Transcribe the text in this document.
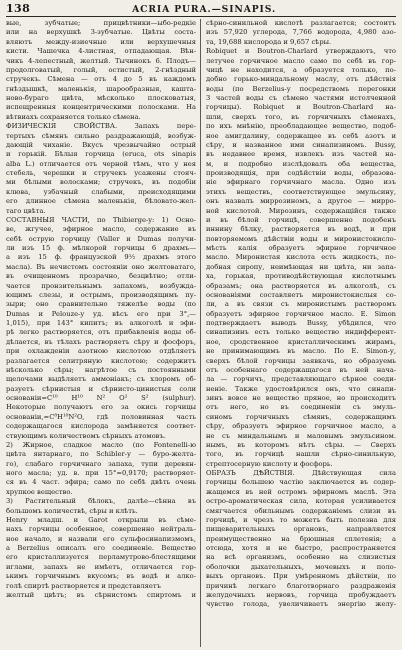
138	ACRIA PURA.—SINAPIS.
вые, зубчатые; прицвѣтники—ыбо-редкіе
или на верхушкѣ 3-зубчатые. Цвѣты соста-
вляютъ между-изиечные или верхушечныя
кисти. Чашечка 4-листная, отпадающая. Вѣн-
чикъ 4-лепестный, желтый. Тычинокъ 6. Плодъ—
продолговатый, голый, остистый, 2-гнѣздный
стручекъ. Сѣмена — отъ 4 до 5 въ каждомъ
гнѣздышкѣ, маленькія, шарообразныя, кашта-
ново-бураго цвѣта, мѣсколько плосковатыя,
испещренныя концентрическими полосками. На
вѣтвиахъ сохраняется только сѣмена.
ФИЗИЧЕСКІЯ СВОЙСТВА. Запахъ пере-
тертыхъ сѣмянъ сильно раздражающій, возбуж-
дающій чиханіе. Вкусъ чрезвычайно острый
и горькій. Бѣлыя горчица (eruca, ots sinapis
alba L.) отличается отъ черной тѣмъ, что у нея
стебель, черешки и стручекъ усажены стояч-
ми бѣлыми волосками; стручекъ, въ подобіи
клюва, узбачный слабыми, преисходящими
его длинное сѣмена маленькія, бѣловато-жел-
таго цвѣта.
СОСТАВНЫЯ ЧАСТИ, по Thibierge-y: 1) Осно-
ве, жгучее, эфирное масло, содержание въ
себѣ острую горчицу (Valler и Dumas получи-
ли изъ 15 ф. мѣлкорой горчицы 6 драхмъ—
а изъ 15 ф. французской 9½ драхмъ этого
масла). Въ нечистомъ состояніи оно желтоватаго,
въ очищенномъ прозрачно, безцвѣтно; отли-
чается пронзительнымъ запахомъ, возбужда-
ющимъ слезы, и острымъ, производящимъ пу-
зыри; оно сравнительно тяжелѣе воды (по
Dumas и Pelouze-y уд. вѣсъ его при 3°,—
1,015), при 143° кипитъ; въ алкоголѣ и эфи-
рѣ легко растворяется, отъ прибавленія воды об-
дѣлается, въ тѣлахъ растворяетъ сѣру и фосфоръ,
при охлажденіи азотною кислотою отдѣляетъ
разлагается селитряную кислотою; содержитъ
нѣсколько сѣры; нагрѣтое съ постоянными
щелочами выдѣляетъ аммоніакъ; съ хлоромъ об-
разуетъ сѣрнистыя и сѣрнисто-цинистыя соли
основаніи=C¹⁰ H¹⁰ N² O² S² (sulphur).
Некоторые получаютъ его за окись горчицы
основаніи,=C⁸H¹⁰N²O, гдѣ половинная часть
содержащагося кислорода замѣняется соответ-
ствующимъ количествомъ сѣрныхъ атомовъ.
2) Жирное, сладкое масло (по Fontenelli-ю
цвѣта янтарнаго, по Schibler-у — буро-желта-
го), слабаго горчичнаго запаха, тупи деревян-
ного масла; уд. в. при 15°=0,9170; растворяет-
ся въ 4 част. эфира; само по себѣ двѣть очень
хрупкое вещество.
3) Растительный бѣлокъ, далѣе—сѣнна въ
большомъ количествѣ, сѣры и клѣть.
Henry младш. и Garot открыли въ сѣме-
нахъ горчицы особенное, совершенно нейтраль-
ное начало, и назвали его сульфосинапизмомъ,
а Berzelius описалъ его соединеніе. Вещество
его кристаллизуется перламутрово-блестящими
иглами, запахъ не имѣетъ, отличается гор-
ькимъ горчичнымъ вкусомъ; въ водѣ и алко-
голѣ спиртѣ растворяется и представляетъ
желтый цвѣтъ; въ сѣрнистомъ спиртомъ и
сѣрно-синильной кислотѣ разлагается; состоитъ
изъ 57,920 углерода, 7,766 водорода, 4,980 азо-
та, 19,688 кислорода и 9,657 сѣры.
Robiquet и Boutron-Charlard утверждаютъ, что
летучее горчичное масло само по себѣ въ гор-
чицѣ не находится, а образуется только, по-
добно горько-миндальному маслу, отъ дѣйствія
воды (по Berzelius-у посредствомъ перегонки
3 частей воды съ сѣмено частями истолченной
горчицы). Robiquet и Boutron-Charlard на-
шли, сверхъ того, въ горчичныхъ сѣменахъ,
по ихъ мнѣнію, преобладающее вещество, подоб-
ное амигдалину, содержащее въ себѣ азотъ и
сѣру, и названное ими синапизиномъ. Bussy,
въ недавнее время, извлекъ изъ частей на-
м, и подробно изслѣдовалъ оба вещества,
производящія, при содѣйствіи воды, образова-
ніе эфирнаго горчичнаго масла. Одно изъ
этихъ веществъ, соответствующее эмульсину,
онъ назвалъ миррозиномъ, а другое — мирро-
ной кислотой. Мирозинъ, содержащійся также
и въ бѣлой горчицѣ, совершенно подобенъ
иннину бѣлку, растворяется въ водѣ, и при
повторяемомъ дѣйствіи воды и миронистокисло-
мѣсть калія образуетъ эфирное горчичное
масло. Миронистая кислота есть жидкость, по-
добная сиропу, неимѣющая ни цвѣта, ни запа-
ха, горькая, противодѣйствующая кислотнымъ
образамъ; она растворяется въ алкоголѣ, съ
основаніями составляетъ миронистокислыя со-
ли, а въ связи съ миронистымъ растворомъ
образуетъ эфирное горчичное масло. Е. Simon
подтверждаетъ выводъ Bussy, убѣдился, что
синапизинъ есть только вещество индифферент-
ное, сродственное кристаллическимъ жирамъ,
не принимающимъ въ масло. По Е. Simon-у,
сверхъ бѣлой горчицы заявкачь, но образуемь
отъ особеннаго содержащагося въ ней нача-
ла — горчичъ, представляющаго сѣрное соеди-
неніе. Также удостовѣрился онъ, что синапи-
зинъ вовсе не вещество пряное, но происходитъ
отъ него, но въ соединеніи съ эмуль-
синомъ горчичныхъ сѣмянъ, содержащимъ
сѣру, образуетъ эфирное горчичное масло, а
не съ миндальнымъ и маловымъ эмульсином.
нымъ, въ которомъ нѣтъ сѣры. — Сверхъ
того, въ горчицѣ нашли сѣрно-синильную,
стрептосерную кислоту и фосфорь.
ОБРАЗЪ ДѢЙСТВІЯ. Дѣйствующая сила
горчицы большею частію заключается въ содер-
жащемся въ ней остромъ эфирномъ маслѣ. Эта
остро-ароматическая сила, которая усиливается
смягчается обильнымъ содержаніемъ слизи въ
горчицѣ, и чрезъ то можетъ быть полезна для
пищеварительныхъ органовъ, направляется
преимущественно на брюшныя сплетенія; а
отсюда, хотя и не быстро, распространяется
на всѣ организмъ, особенно на слизистыя
оболочки дыхательныхъ, мочевыхъ и поло-
выхъ органовъ. При умѣренномъ дѣйствіи, по
причинѣ легкаго благотворнаго раздраженія
желудочныхъ нервовъ, горчица пробуждаетъ
чувство голода, увеличиваетъ энергію желу-
